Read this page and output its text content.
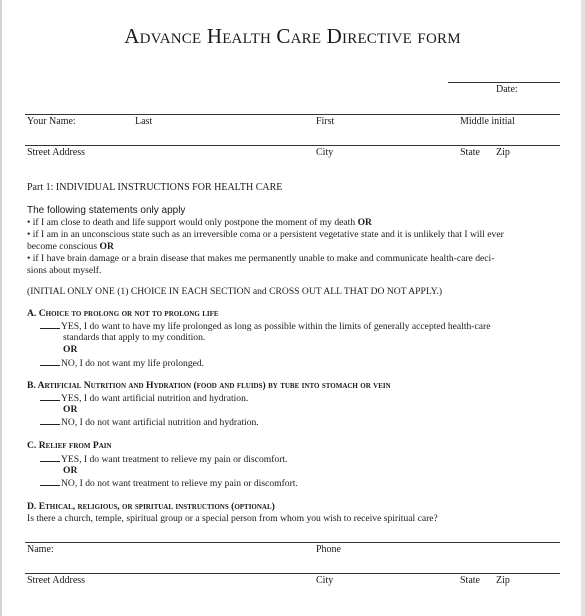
Advance Health Care Directive form
Date:
Your Name:	Last	First	Middle initial
Street Address	City	State Zip
Part 1: INDIVIDUAL INSTRUCTIONS FOR HEALTH CARE
The following statements only apply
• if I am close to death and life support would only postpone the moment of my death OR
• if I am in an unconscious state such as an irreversible coma or a persistent vegetative state and it is unlikely that I will ever
become conscious OR
• if I have brain damage or a brain disease that makes me permanently unable to make and communicate health-care deci-
sions about myself.
(INITIAL ONLY ONE (1) CHOICE IN EACH SECTION and CROSS OUT ALL THAT DO NOT APPLY.)
A. Choice to prolong or not to prolong life
YES, I do want to have my life prolonged as long as possible within the limits of generally accepted health-care
standards that apply to my condition.
OR
NO, I do not want my life prolonged.
B. Artificial Nutrition and Hydration (food and fluids) by tube into stomach or vein
YES, I do want artificial nutrition and hydration.
OR
NO, I do not want artificial nutrition and hydration.
C. Relief from Pain
YES, I do want treatment to relieve my pain or discomfort.
OR
NO, I do not want treatment to relieve my pain or discomfort.
D. Ethical, religious, or spiritual instructions (optional)
Is there a church, temple, spiritual group or a special person from whom you wish to receive spiritual care?
Name:	Phone
Street Address	City	State Zip
